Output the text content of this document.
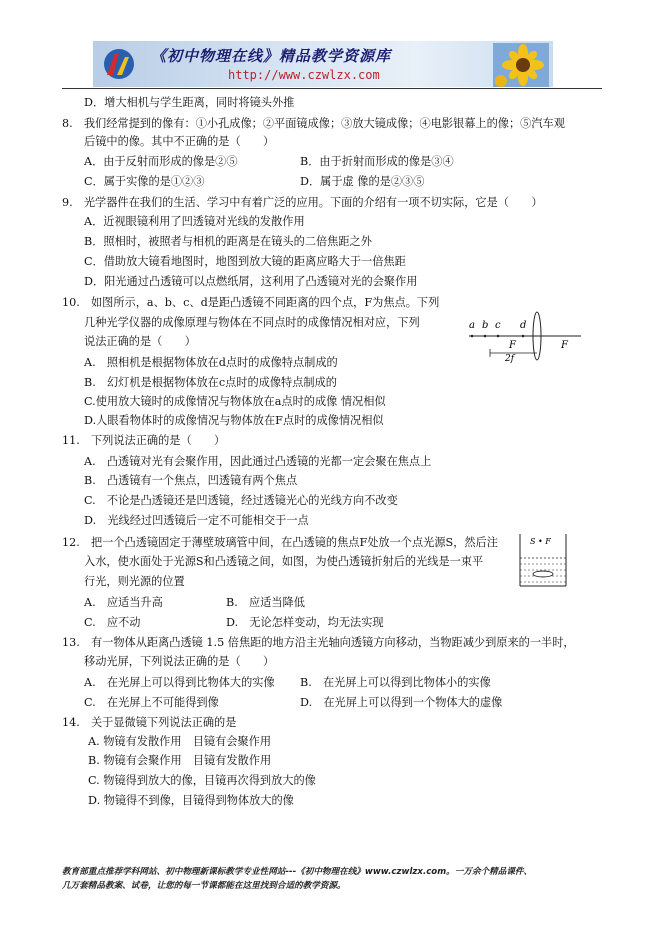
《初中物理在线》精品教学资源库
http://www.czwlzx.com
D．增大相机与学生距离，同时将镜头外推
8.　我们经常提到的像有：①小孔成像；②平面镜成像；③放大镜成像；④电影银幕上的像；⑤汽车观
后镜中的像。其中不正确的是（　　）
A．由于反射而形成的像是②⑤	B．由于折射而形成的像是③④
C．属于实像的是①②③	D．属于虚 像的是②③⑤
9.　光学器件在我们的生活、学习中有着广泛的应用。下面的介绍有一项不切实际，它是（　　）
A．近视眼镜利用了凹透镜对光线的发散作用
B．照相时，被照者与相机的距离是在镜头的二倍焦距之外
C．借助放大镜看地图时，地图到放大镜的距离应略大于一倍焦距
D．阳光通过凸透镜可以点燃纸屑，这利用了凸透镜对光的会聚作用
10.　如图所示，a、b、c、d是距凸透镜不同距离的四个点，F为焦点。下列
几种光学仪器的成像原理与物体在不同点时的成像情况相对应，下列
说法正确的是（　　）
A.　照相机是根据物体放在d点时的成像特点制成的
B.　幻灯机是根据物体放在c点时的成像特点制成的
C.使用放大镜时的成像情况与物体放在a点时的成像 情况相似
D.人眼看物体时的成像情况与物体放在F点时的成像情况相似
a b c d
F	F
2f
11.　下列说法正确的是（　　）
A.　凸透镜对光有会聚作用，因此通过凸透镜的光都一定会聚在焦点上
B.　凸透镜有一个焦点，凹透镜有两个焦点
C.　不论是凸透镜还是凹透镜，经过透镜光心的光线方向不改变
D.　光线经过凹透镜后一定不可能相交于一点
12.　把一个凸透镜固定于薄壁玻璃管中间，在凸透镜的焦点F处放一个点光源S，然后注
入水，使水面处于光源S和凸透镜之间，如图，为使凸透镜折射后的光线是一束平
行光，则光源的位置
A.　应适当升高	B.　应适当降低
C.　应不动	D.　无论怎样变动，均无法实现
S • F
13.　有一物体从距离凸透镜 1.5 倍焦距的地方沿主光轴向透镜方向移动，当物距减少到原来的一半时，
移动光屏，下列说法正确的是（　　）
A.　在光屏上可以得到比物体大的实像 B.　在光屏上可以得到比物体小的实像
C.　在光屏上不可能得到像	D.　在光屏上可以得到一个物体大的虚像
14.　关于显微镜下列说法正确的是
A. 物镜有发散作用　目镜有会聚作用
B. 物镜有会聚作用　目镜有发散作用
C. 物镜得到放大的像，目镜再次得到放大的像
D. 物镜得不到像，目镜得到物体放大的像
教育部重点推荐学科网站、初中物理新课标教学专业性网站---《初中物理在线》www.czwlzx.com。一万余个精品课件、
几万套精品教案、试卷，让您的每一节课都能在这里找到合适的教学资源。
